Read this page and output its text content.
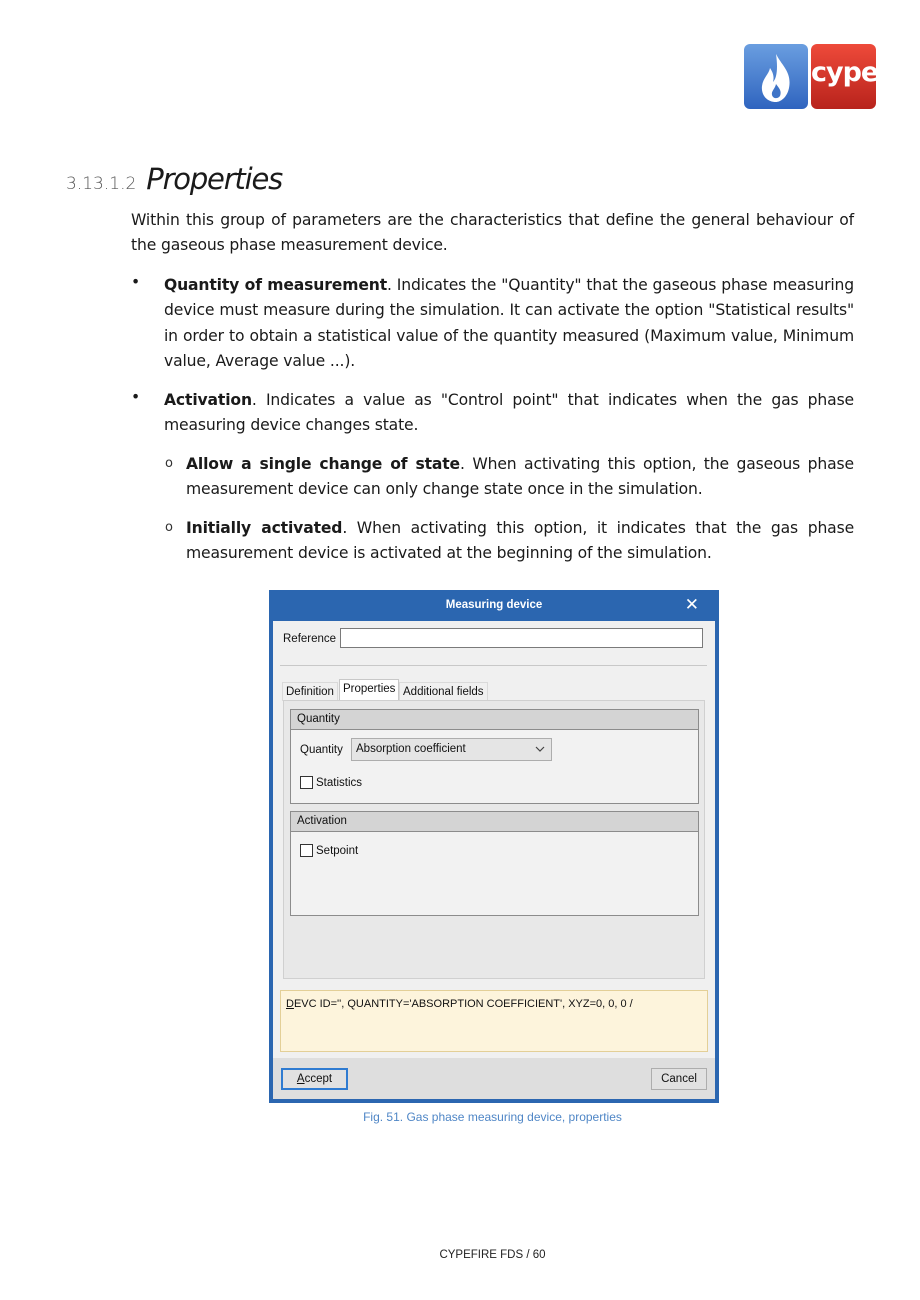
cype
3.13.1.2 Properties
Within this group of parameters are the characteristics that define the general behaviour of the gaseous phase measurement device.
• Quantity of measurement. Indicates the "Quantity" that the gaseous phase measuring device must measure during the simulation. It can activate the option "Statistical results" in order to obtain a statistical value of the quantity measured (Maximum value, Minimum value, Average value ...).
• Activation. Indicates a value as "Control point" that indicates when the gas phase measuring device changes state.
o Allow a single change of state. When activating this option, the gaseous phase measurement device can only change state once in the simulation.
o Initially activated. When activating this option, it indicates that the gas phase measurement device is activated at the beginning of the simulation.
Measuring device	✕
Reference
Definition Properties Additional fields
Quantity
Quantity	Absorption coefficient
Statistics
Activation
Setpoint
DEVC ID='', QUANTITY='ABSORPTION COEFFICIENT', XYZ=0, 0, 0 /
Accept	Cancel
Fig. 51. Gas phase measuring device, properties
CYPEFIRE FDS / 60
